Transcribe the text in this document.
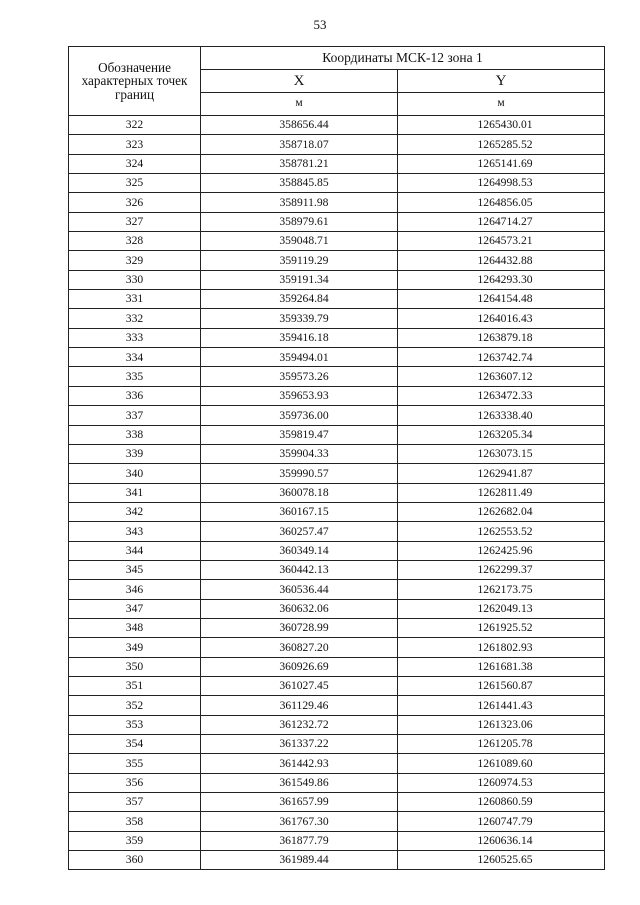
53
Обозначение характерных точек границ	Координаты МСК-12 зона 1	
	X	Y
	м	м
322	358656.44	1265430.01
323	358718.07	1265285.52
324	358781.21	1265141.69
325	358845.85	1264998.53
326	358911.98	1264856.05
327	358979.61	1264714.27
328	359048.71	1264573.21
329	359119.29	1264432.88
330	359191.34	1264293.30
331	359264.84	1264154.48
332	359339.79	1264016.43
333	359416.18	1263879.18
334	359494.01	1263742.74
335	359573.26	1263607.12
336	359653.93	1263472.33
337	359736.00	1263338.40
338	359819.47	1263205.34
339	359904.33	1263073.15
340	359990.57	1262941.87
341	360078.18	1262811.49
342	360167.15	1262682.04
343	360257.47	1262553.52
344	360349.14	1262425.96
345	360442.13	1262299.37
346	360536.44	1262173.75
347	360632.06	1262049.13
348	360728.99	1261925.52
349	360827.20	1261802.93
350	360926.69	1261681.38
351	361027.45	1261560.87
352	361129.46	1261441.43
353	361232.72	1261323.06
354	361337.22	1261205.78
355	361442.93	1261089.60
356	361549.86	1260974.53
357	361657.99	1260860.59
358	361767.30	1260747.79
359	361877.79	1260636.14
360	361989.44	1260525.65
